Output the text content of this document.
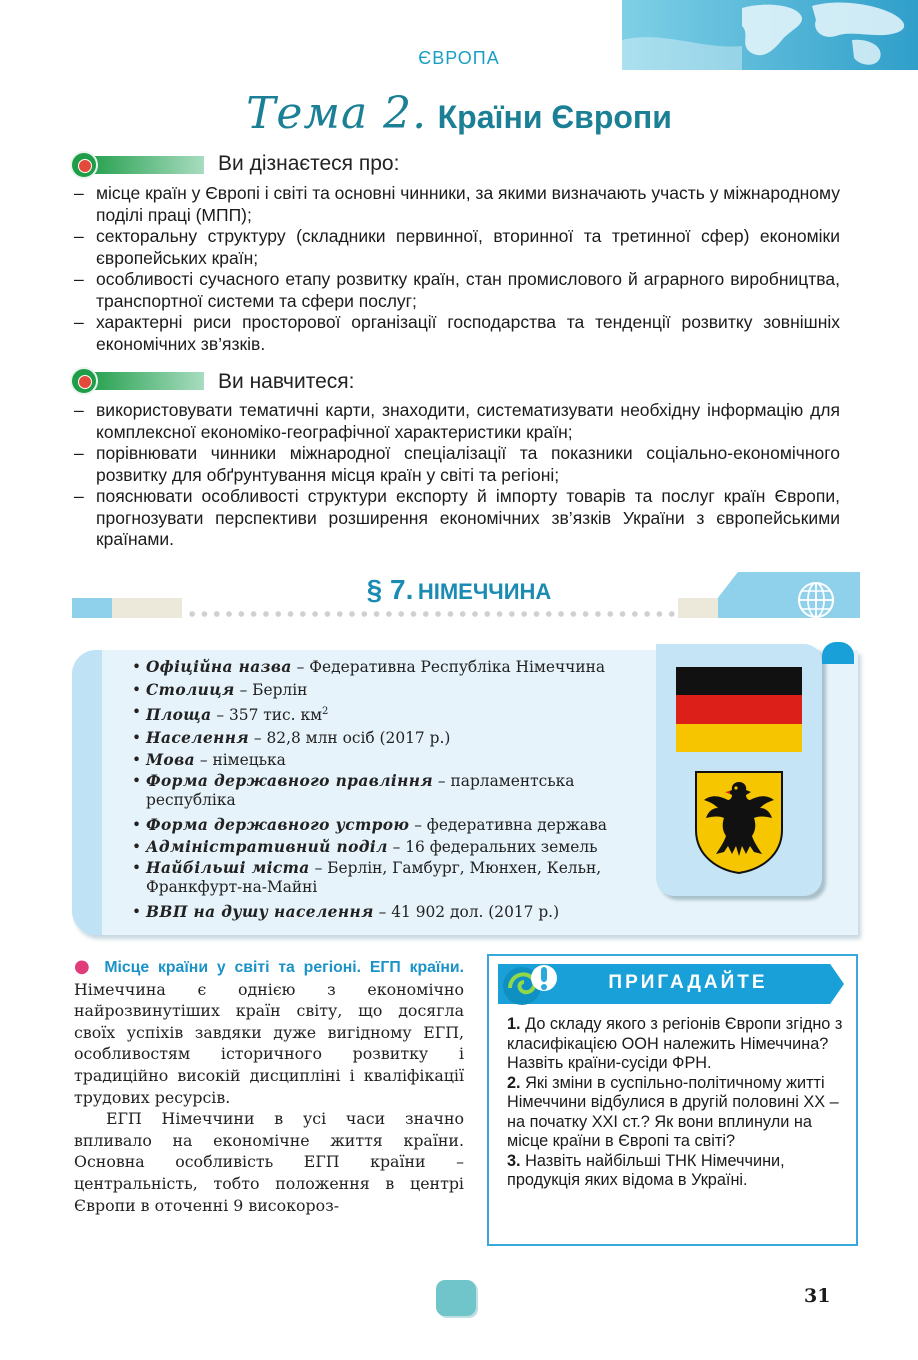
ЄВРОПА
Тема 2. Країни Європи
Ви дізнаєтеся про:
– місце країн у Європі і світі та основні чинники, за якими визначають участь у міжнародному поділі праці (МПП);
– секторальну структуру (складники первинної, вторинної та третинної сфер) економіки європейських країн;
– особливості сучасного етапу розвитку країн, стан промислового й аграрного виробництва, транспортної системи та сфери послуг;
– характерні риси просторової організації господарства та тенденції розвитку зовнішніх економічних зв’язків.
Ви навчитеся:
– використовувати тематичні карти, знаходити, систематизувати необхідну інформацію для комплексної економіко-географічної характеристики країн;
– порівнювати чинники міжнародної спеціалізації та показники соціально-економічного розвитку для обґрунтування місця країн у світі та регіоні;
– пояснювати особливості структури експорту й імпорту товарів та послуг країн Європи, прогнозувати перспективи розширення економічних зв’язків України з європейськими країнами.
§ 7. НІМЕЧЧИНА
• Офіційна назва – Федеративна Республіка Німеччина
• Столиця – Берлін
• Площа – 357 тис. $км^2$
• Населення – 82,8 млн осіб (2017 р.)
• Мова – німецька
• Форма державного правління – парламентська республіка
• Форма державного устрою – федеративна держава
• Адміністративний поділ – 16 федеральних земель
• Найбільші міста – Берлін, Гамбург, Мюнхен, Кельн, Франкфурт-на-Майні
• ВВП на душу населення – 41 902 дол. (2017 р.)

● Місце країни у світі та регіоні. ЕГП країни. Німеччина є однією з економічно найрозвинутіших країн світу, що досягла своїх успіхів завдяки дуже вигідному ЕГП, особливостям історичного розвитку і традиційно високій дисципліні і кваліфікації трудових ресурсів.

ЕГП Німеччини в усі часи значно впливало на економічне життя країни. Основна особливість ЕГП країни – центральність, тобто положення в центрі Європи в оточенні 9 високороз-

ПРИГАДАЙТЕ

1. До складу якого з регіонів Європи згідно з класифікацією ООН належить Німеччина? Назвіть країни-сусіди ФРН.

2. Які зміни в суспільно-політичному житті Німеччини відбулися в другій половині XX – на початку XXI ст.? Як вони вплинули на місце країни в Європі та світі?

3. Назвіть найбільші ТНК Німеччини, продукція яких відома в Україні.

31
